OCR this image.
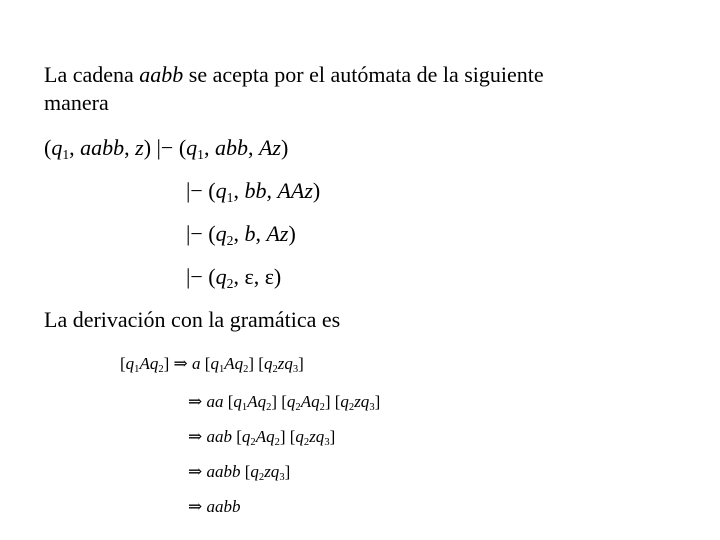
La cadena aabb se acepta por el autómata de la siguiente
manera
($q_1$, aabb, z) |− ($q_1$, abb, Az)
|− ($q_1$, bb, AAz)
|− ($q_2$, b, Az)
|− ($q_2$, ε, ε)
La derivación con la gramática es
$[q_1Aq_2]$ ⇒ a $[q_1Aq_2]$ $[q_2zq_3]$
⇒ aa $[q_1Aq_2]$ $[q_2Aq_2]$ $[q_2zq_3]$
⇒ aab $[q_2Aq_2]$ $[q_2zq_3]$
⇒ aabb $[q_2zq_3]$
⇒ aabb
